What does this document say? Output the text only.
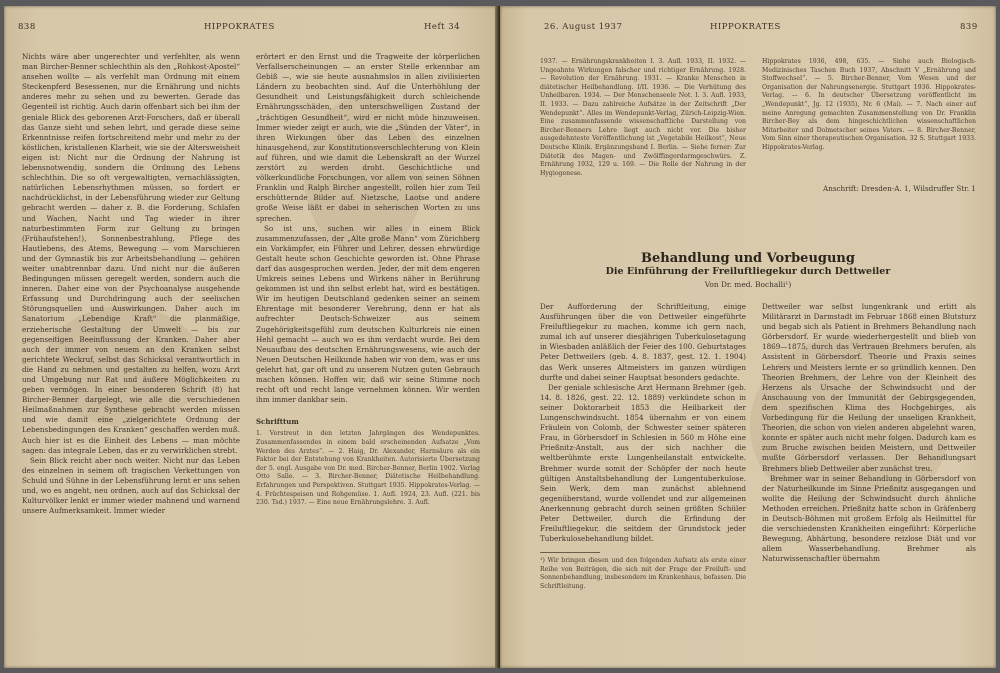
838	HIPPOKRATES	Heft 34

Nichts wäre aber ungerechter und verfehlter, als wenn man Bircher-Benner schlechthin als den „Rohkost-Apostel“ ansehen wollte — als verfehlt man Ordnung mit einem Steckenpferd Besessenen, nur die Ernährung und nichts anderes mehr zu sehen und zu bewerten. Gerade das Gegenteil ist richtig. Auch darin offenbart sich bei ihm der geniale Blick des geborenen Arzt-Forschers, daß er überall das Ganze sieht und sehen lehrt, und gerade diese seine Erkenntnisse reifen fortschreitend mehr und mehr zu der köstlichen, kristallenen Klarheit, wie sie der Altersweisheit eigen ist: Nicht nur die Ordnung der Nahrung ist lebensnotwendig, sondern die Ordnung des Lebens schlechthin. Die so oft vergewaltigten, vernachlässigten, natürlichen Lebensrhythmen müssen, so fordert er nachdrücklichst, in der Lebensführung wieder zur Geltung gebracht werden — daher z. B. die Forderung, Schlafen und Wachen, Nacht und Tag wieder in ihrer naturbestimmten Form zur Geltung zu bringen (Frühaufstehen!), Sonnenbestrahlung, Pflege des Hautlebens, des Atems, Bewegung — vom Marschieren und der Gymnastik bis zur Arbeitsbehandlung — gehören weiter unabtrennbar dazu. Und nicht nur die äußeren Bedingungen müssen geregelt werden, sondern auch die inneren. Daher eine von der Psychoanalyse ausgehende Erfassung und Durchdringung auch der seelischen Störungsquellen und Auswirkungen. Daher auch im Sanatorium „Lebendige Kraft“ die planmäßige, erzieherische Gestaltung der Umwelt — bis zur gegenseitigen Beeinflussung der Kranken. Daher aber auch der immer von neuem an den Kranken selbst gerichtete Weckruf, selbst das Schicksal verantwortlich in die Hand zu nehmen und gestalten zu helfen, wozu Arzt und Umgebung nur Rat und äußere Möglichkeiten zu geben vermögen. In einer besonderen Schrift (8) hat Bircher-Benner dargelegt, wie alle die verschiedenen Heilmaßnahmen zur Synthese gebracht werden müssen und wie damit eine „zielgerichtete Ordnung der Lebensbedingungen des Kranken“ geschaffen werden muß. Auch hier ist es die Einheit des Lebens — man möchte sagen: das integrale Leben, das er zu verwirklichen strebt.

Sein Blick reicht aber noch weiter. Nicht nur das Leben des einzelnen in seinem oft tragischen Verkettungen von Schuld und Sühne in der Lebensführung lernt er uns sehen und, wo es angeht, neu ordnen, auch auf das Schicksal der Kulturvölker lenkt er immer wieder mahnend und warnend unsere Aufmerksamkeit. Immer wieder

erörtert er den Ernst und die Tragweite der körperlichen Verfallserscheinungen — an erster Stelle erkennbar am Gebiß —, wie sie heute ausnahmslos in allen zivilisierten Ländern zu beobachten sind. Auf die Unterhöhlung der Gesundheit und Leistungsfähigkeit durch schleichende Ernährungsschäden, den unterschwelligen Zustand der „trächtigen Gesundheit“, wird er nicht müde hinzuweisen. Immer wieder zeigt er auch, wie die „Sünden der Väter“, in ihren Wirkungen über das Leben des einzelnen hinausgehend, zur Konstitutionsverschlechterung von Klein auf führen, und wie damit die Lebenskraft an der Wurzel zerstört zu werden droht. Geschichtliche und völkerkundliche Forschungen, vor allem von seinen Söhnen Franklin und Ralph Bircher angestellt, rollen hier zum Teil erschütternde Bilder auf. Nietzsche, Laotse und andere große Weise läßt er dabei in seherischen Worten zu uns sprechen.

So ist uns, suchen wir alles in einem Blick zusammenzufassen, der „Alte große Mann“ vom Zürichberg ein Vorkämpfer, ein Führer und Lehrer, dessen ehrwürdige Gestalt heute schon Geschichte geworden ist. Ohne Phrase darf das ausgesprochen werden. Jeder, der mit dem engeren Umkreis seines Lebens und Wirkens näher in Berührung gekommen ist und ihn selbst erlebt hat, wird es bestätigen. Wir im heutigen Deutschland gedenken seiner an seinem Ehrentage mit besonderer Verehrung, denn er hat als aufrechter Deutsch-Schweizer aus seinem Zugehörigkeitsgefühl zum deutschen Kulturkreis nie einen Hehl gemacht — auch wo es ihm verdacht wurde. Bei dem Neuaufbau des deutschen Ernährungswesens, wie auch der Neuen Deutschen Heilkunde haben wir von dem, was er uns gelehrt hat, gar oft und zu unserem Nutzen guten Gebrauch machen können. Hoffen wir, daß wir seine Stimme noch recht oft und recht lange vernehmen können. Wir werden ihm immer dankbar sein.

Schrifttum
1. Verstreut in den letzten Jahrgängen des Wendepunktes. Zusammenfassendes in einem bald erscheinenden Aufsatze „Vom Werden des Arztes“. — 2. Haig, Dr. Alexander, Harnsäure als ein Faktor bei der Entstehung von Krankheiten. Autorisierte Übersetzung der 5. engl. Ausgabe von Dr. med. Bircher-Benner, Berlin 1902. Verlag Otto Salle. — 3. Bircher-Benner, Diätetische Heilbehandlung. Erfahrungen und Perspektiven. Stuttgart 1935. Hippokrates-Verlag. — 4. Früchtespeisen und Rohgemüse. 1. Aufl. 1924, 23. Aufl. (221. bis 230. Tsd.) 1937. — Eine neue Ernährungslehre. 3. Aufl.
26. August 1937	HIPPOKRATES	839
1937. — Ernährungskrankheiten I. 3. Aufl. 1933, II. 1932. — Ungeahnte Wirkungen falscher und richtiger Ernährung. 1928. — Revolution der Ernährung. 1931. — Kranke Menschen in diätetischer Heilbehandlung. I/II. 1936. — Die Verhütung des Unheilbaren. 1934. — Der Menschenseele Not. I. 3. Aufl. 1933, II. 1933. — Dazu zahlreiche Aufsätze in der Zeitschrift „Der Wendepunkt“. Alles im Wendepunkt-Verlag, Zürich-Leipzig-Wien. Eine zusammenfassende wissenschaftliche Darstellung von Bircher-Benners Lehre liegt auch nicht vor. Die bisher ausgedehnteste Veröffentlichung ist „Vegetabile Heilkost“, Neue Deutsche Klinik. Ergänzungsband I. Berlin. — Siehe ferner: Zur Diätetik des Magen- und Zwölffingerdarmgeschwürs. Z. Ernährung 1932, 129 u. 169. — Die Rolle der Nahrung in der Hygiogenese.
Hippokrates 1936, 498, 635. — Siehe auch Biologisch-Medizinisches Taschen Buch 1937, Abschnitt V „Ernährung und Stoffwechsel“. — 5. Bircher-Benner, Vom Wesen und der Organisation der Nahrungsenergie. Stuttgart 1936. Hippokrates-Verlag. — 6. In deutscher Übersetzung veröffentlicht im „Wendepunkt“, Jg. 12 (1935), Nr. 6 (Mai). — 7. Nach einer auf meine Anregung gemachten Zusammenstellung von Dr. Franklin Bircher-Bey als dem hingeschichtlichen wissenschaftlichen Mitarbeiter und Dolmetscher seines Vaters. — 8. Bircher-Benner, Vom Sinn einer therapeutischen Organisation. 32 S. Stuttgart 1933. Hippokrates-Verlag.
Anschrift: Dresden-A. 1, Wilsdruffer Str. 1
Behandlung und Vorbeugung
Die Einführung der Freiluftliegekur durch Dettweiler
Von Dr. med. Bochalli¹)

Der Aufforderung der Schriftleitung, einige Ausführungen über die von Dettweiler eingeführte Freiluftliegekur zu machen, komme ich gern nach, zumal ich auf unserer diesjährigen Tuberkulosetagung in Wiesbaden anläßlich der Feier des 100. Geburtstages Peter Dettweilers (geb. 4. 8. 1837, gest. 12. 1. 1904) das Werk unseres Altmeisters im ganzen würdigen durfte und dabei seiner Hauptsat besonders gedachte.

Der geniale schlesische Arzt Hermann Brehmer (geb. 14. 8. 1826, gest. 22. 12. 1889) verkündete schon in seiner Doktorarbeit 1853 die Heilbarkeit der Lungenschwindsucht. 1854 übernahm er von einem Fräulein von Colomb, der Schwester seiner späteren Frau, in Görbersdorf in Schlesien in 560 m Höhe eine Prießnitz-Anstalt, aus der sich nachher die weltberühmte erste Lungenheilanstalt entwickelte. Brehmer wurde somit der Schöpfer der noch heute gültigen Anstaltsbehandlung der Lungentuberkulose. Sein Werk, dem man zunächst ablehnend gegenüberstand, wurde vollendet und zur allgemeinen Anerkennung gebracht durch seinen größten Schüler Peter Dettweiler, durch die Erfindung der Freiluftliegekur, die seitdem der Grundstock jeder Tuberkulosebehandlung bildet.

¹) Wir bringen diesen und den folgenden Aufsatz als erste einer Reihe von Beiträgen, die sich mit der Frage der Freiluft- und Sonnenbehandlung, insbesondere im Krankenhaus, befassen. Die Schriftleitung.

Dettweiler war selbst lungenkrank und erlitt als Militärarzt in Darmstadt im Februar 1868 einen Blutsturz und begab sich als Patient in Brehmers Behandlung nach Görbersdorf. Er wurde wiederhergestellt und blieb von 1869—1875, durch das Vertrauen Brehmers berufen, als Assistent in Görbersdorf. Theorie und Praxis seines Lehrers und Meisters lernte er so gründlich kennen. Den Theorien Brehmers, der Lehre von der Kleinheit des Herzens als Ursache der Schwindsucht und der Anschauung von der Immunität der Gebirgsgegenden, dem spezifischen Klima des Hochgebirges, als Vorbedingung für die Heilung der unseligen Krankheit, Theorien, die schon von vielen anderen abgelehnt waren, konnte er später auch nicht mehr folgen. Dadurch kam es zum Bruche zwischen beiden Meistern, und Dettweiler mußte Görbersdorf verlassen. Der Behandlungsart Brehmers blieb Dettweiler aber zunächst treu.

Brehmer war in seiner Behandlung in Görbersdorf von der Naturheilkunde im Sinne Prießnitz ausgegangen und wollte die Heilung der Schwindsucht durch ähnliche Methoden erreichen. Prießnitz hatte schon in Gräfenberg in Deutsch-Böhmen mit großem Erfolg als Heilmittel für die verschiedensten Krankheiten eingeführt: Körperliche Bewegung, Abhärtung, besondere reizlose Diät und vor allem Wasserbehandlung. Brehmer als Naturwissenschaftler übernahm
